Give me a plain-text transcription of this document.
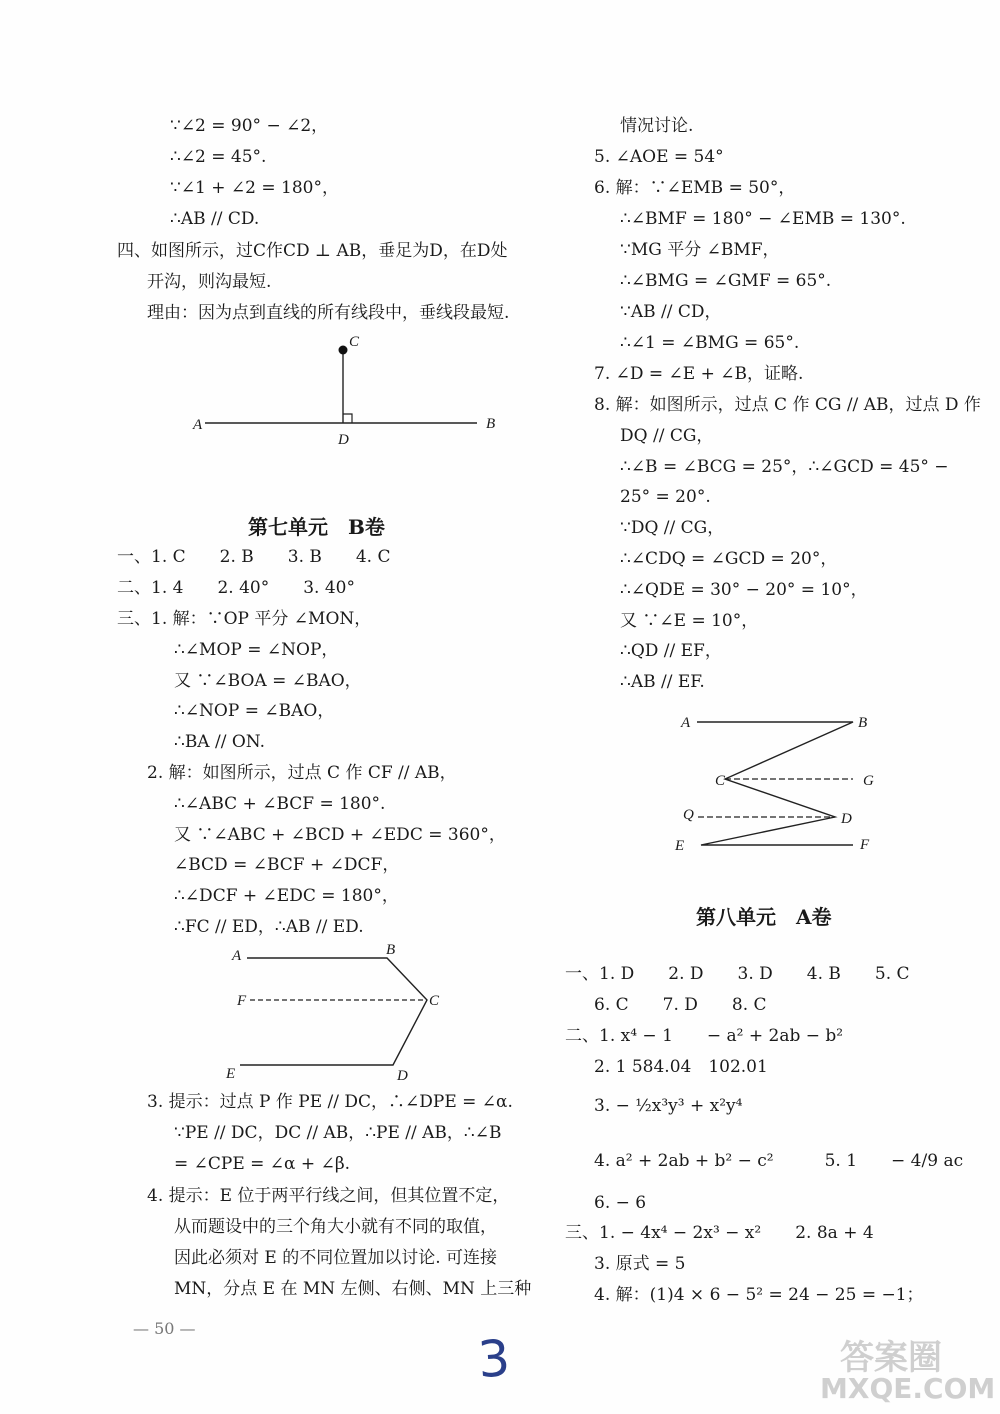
∵∠2 = 90° − ∠2，
∴∠2 = 45°.
∵∠1 + ∠2 = 180°，
∴AB // CD.
四、如图所示，过C作CD ⊥ AB，垂足为D，在D处
开沟，则沟最短.
理由：因为点到直线的所有线段中，垂线段最短.
C
A	B
D
第七单元　B卷
一、1. C　　2. B　　3. B　　4. C
二、1. 4　　2. 40°　　3. 40°
三、1. 解：∵OP 平分 ∠MON，
∴∠MOP = ∠NOP，
又 ∵∠BOA = ∠BAO，
∴∠NOP = ∠BAO，
∴BA // ON.
2. 解：如图所示，过点 C 作 CF // AB，
∴∠ABC + ∠BCF = 180°.
又 ∵∠ABC + ∠BCD + ∠EDC = 360°，
∠BCD = ∠BCF + ∠DCF，
∴∠DCF + ∠EDC = 180°，
∴FC // ED，∴AB // ED.
A	B
F	C
E	D
3. 提示：过点 P 作 PE // DC，∴∠DPE = ∠α.
∵PE // DC，DC // AB，∴PE // AB，∴∠B
= ∠CPE = ∠α + ∠β.
4. 提示：E 位于两平行线之间，但其位置不定，
从而题设中的三个角大小就有不同的取值，
因此必须对 E 的不同位置加以讨论. 可连接
MN，分点 E 在 MN 左侧、右侧、MN 上三种
— 50 —
情况讨论.
5. ∠AOE = 54°
6. 解：∵∠EMB = 50°，
∴∠BMF = 180° − ∠EMB = 130°.
∵MG 平分 ∠BMF，
∴∠BMG = ∠GMF = 65°.
∵AB // CD，
∴∠1 = ∠BMG = 65°.
7. ∠D = ∠E + ∠B，证略.
8. 解：如图所示，过点 C 作 CG // AB，过点 D 作
DQ // CG，
∴∠B = ∠BCG = 25°，∴∠GCD = 45° −
25° = 20°.
∵DQ // CG，
∴∠CDQ = ∠GCD = 20°，
∴∠QDE = 30° − 20° = 10°，
又 ∵∠E = 10°，
∴QD // EF，
∴AB // EF.
A	B
C	G
Q	D
E	F
第八单元　A卷
一、1. D　　2. D　　3. D　　4. B　　5. C
6. C　　7. D　　8. C
二、1. x⁴ − 1　　− a² + 2ab − b²
2. 1 584.04　102.01
3. − ½x³y³ + x²y⁴
4. a² + 2ab + b² − c²　　　5. 1　　− 4/9 ac
6. − 6
三、1. − 4x⁴ − 2x³ − x²　　2. 8a + 4
3. 原式 = 5
4. 解：(1)4 × 6 − 5² = 24 − 25 = −1；
3	答案圈
MXQE.COM
